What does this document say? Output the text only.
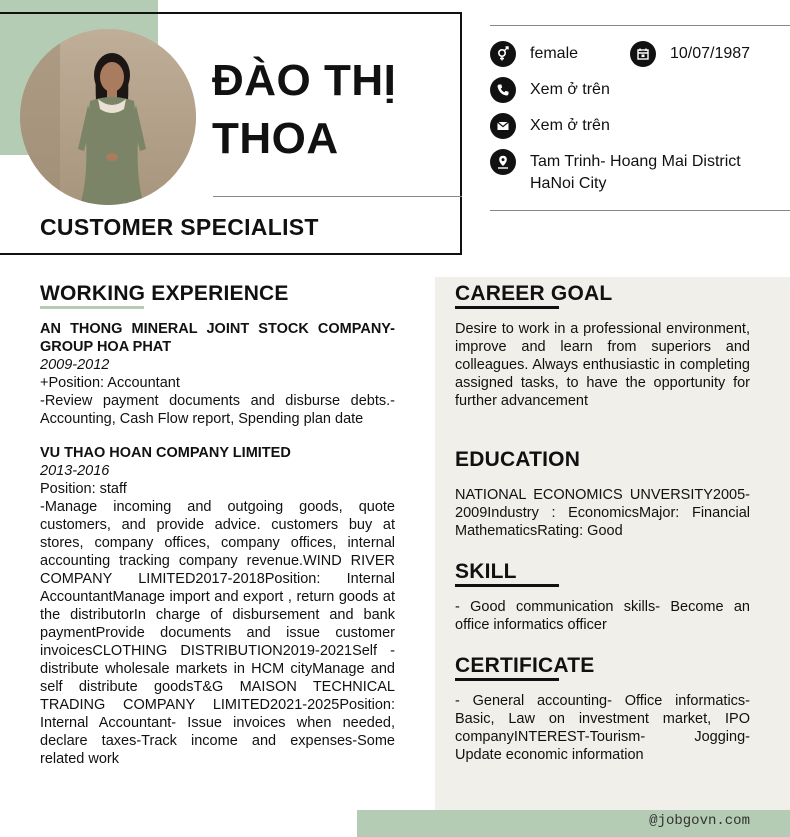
ĐÀO THỊ
THOA
CUSTOMER SPECIALIST
female	10/07/1987
Xem ở trên
Xem ở trên
Tam Trinh- Hoang Mai District
HaNoi City
WORKING EXPERIENCE
AN THONG MINERAL JOINT STOCK COMPANY-GROUP HOA PHAT
2009-2012
+Position: Accountant
-Review payment documents and disburse debts.-Accounting, Cash Flow report, Spending plan date
VU THAO HOAN COMPANY LIMITED
2013-2016
Position: staff
-Manage incoming and outgoing goods, quote customers, and provide advice. customers buy at stores, company offices, company offices, internal accounting tracking company revenue.WIND RIVER COMPANY LIMITED2017-2018Position: Internal AccountantManage import and export , return goods at the distributorIn charge of disbursement and bank paymentProvide documents and issue customer invoicesCLOTHING DISTRIBUTION2019-2021Self - distribute wholesale markets in HCM cityManage and self distribute goodsT&G MAISON TECHNICAL TRADING COMPANY LIMITED2021-2025Position: Internal Accountant- Issue invoices when needed, declare taxes-Track income and expenses-Some related work
CAREER GOAL
Desire to work in a professional environment, improve and learn from superiors and colleagues. Always enthusiastic in completing assigned tasks, to have the opportunity for further advancement
EDUCATION
NATIONAL ECONOMICS UNVERSITY2005-2009Industry : EconomicsMajor: Financial MathematicsRating: Good
SKILL
- Good communication skills- Become an office informatics officer
CERTIFICATE
- General accounting- Office informatics-Basic, Law on investment market, IPO companyINTEREST-Tourism- Jogging-Update economic information
@jobgovn.com
